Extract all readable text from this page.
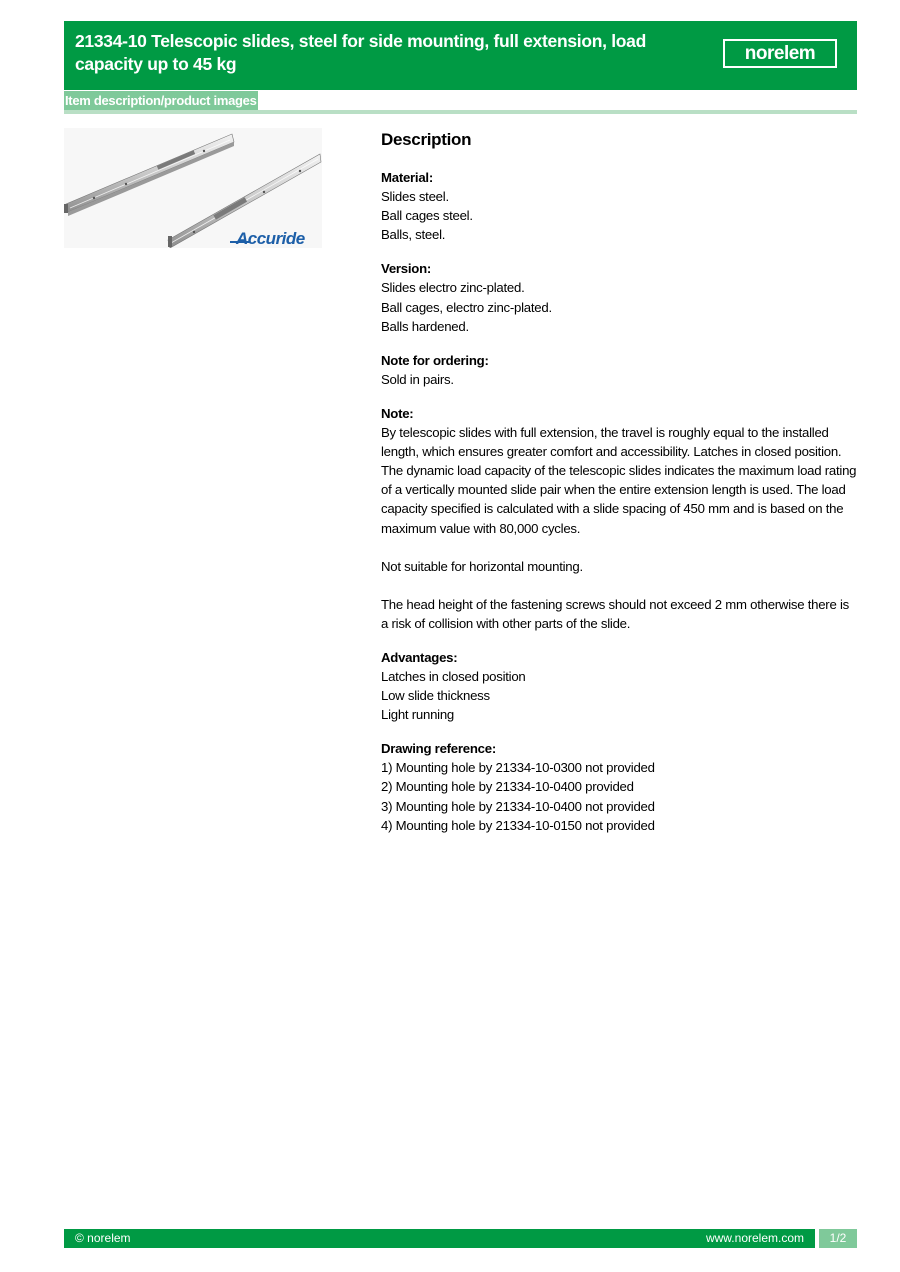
21334-10 Telescopic slides, steel for side mounting, full extension, load capacity up to 45 kg	norelem
Item description/product images
Accuride
Description
Material:
Slides steel.
Ball cages steel.
Balls, steel.
Version:
Slides electro zinc-plated.
Ball cages, electro zinc-plated.
Balls hardened.
Note for ordering:
Sold in pairs.
Note:
By telescopic slides with full extension, the travel is roughly equal to the installed length, which ensures greater comfort and accessibility. Latches in closed position. The dynamic load capacity of the telescopic slides indicates the maximum load rating of a vertically mounted slide pair when the entire extension length is used. The load capacity specified is calculated with a slide spacing of 450 mm and is based on the maximum value with 80,000 cycles.
Not suitable for horizontal mounting.
The head height of the fastening screws should not exceed 2 mm otherwise there is a risk of collision with other parts of the slide.
Advantages:
Latches in closed position
Low slide thickness
Light running
Drawing reference:
1) Mounting hole by 21334-10-0300 not provided
2) Mounting hole by 21334-10-0400 provided
3) Mounting hole by 21334-10-0400 not provided
4) Mounting hole by 21334-10-0150 not provided
© norelem	www.norelem.com	1/2
